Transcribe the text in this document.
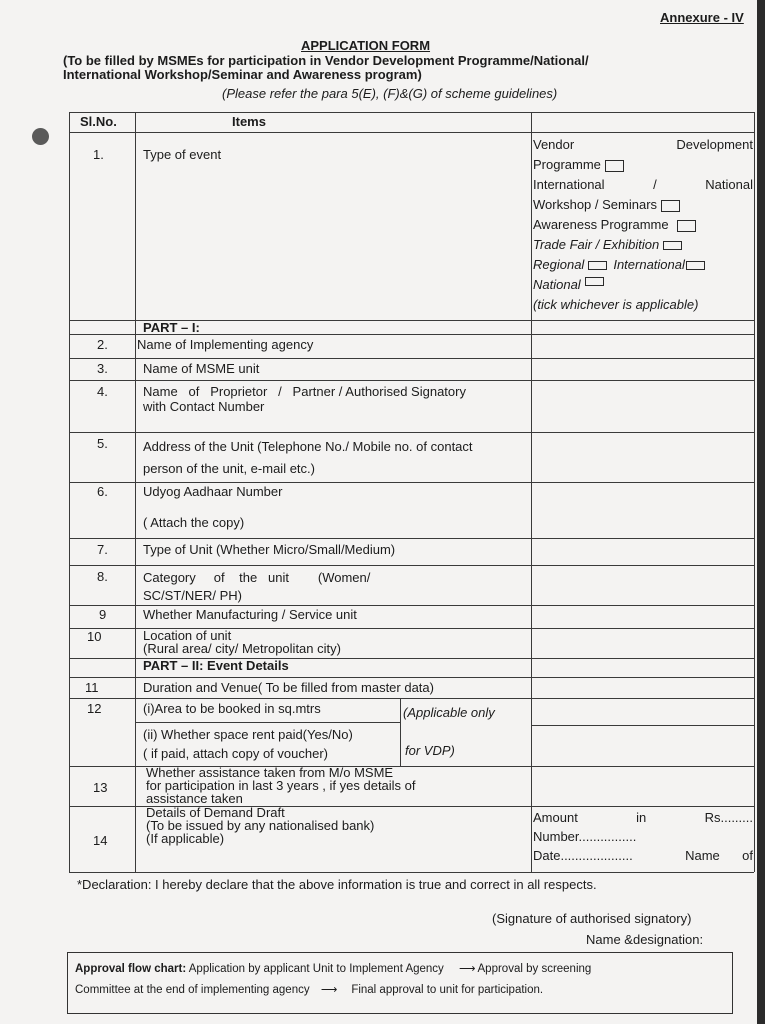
Annexure - IV
APPLICATION FORM
(To be filled by MSMEs for participation in Vendor Development Programme/National/
International Workshop/Seminar and Awareness program)
(Please refer the para 5(E), (F)&(G) of scheme guidelines)
Sl.No.	Items
1.	Type of event
Vendor	Development
Programme
International	/	National
Workshop / Seminars
Awareness Programme
Trade Fair / Exhibition
Regional International
National
(tick whichever is applicable)
PART – I:
2. Name of Implementing agency
3.	Name of MSME unit
4.	Name   of   Proprietor   /   Partner / Authorised Signatory
with Contact Number
5.	Address of the Unit (Telephone No./ Mobile no. of contact
person of the unit, e-mail etc.)
6.	Udyog Aadhaar Number
( Attach the copy)
7.	Type of Unit (Whether Micro/Small/Medium)
8.	Category     of    the   unit        (Women/
SC/ST/NER/ PH)
9	Whether Manufacturing / Service unit
10	Location of unit
(Rural area/ city/ Metropolitan city)
PART – II: Event Details
11	Duration and Venue( To be filled from master data)
12	(i)Area to be booked in sq.mtrs
(ii) Whether space rent paid(Yes/No)
( if paid, attach copy of voucher)
(Applicable only
for VDP)
13
Whether assistance taken from M/o MSME
for participation in last 3 years , if yes details of
assistance taken
14
Details of Demand Draft
(To be issued by any nationalised bank)
(If applicable)
Amount	in	Rs.........
Number................
Date....................	Name of
*Declaration: I hereby declare that the above information is true and correct in all respects.
(Signature of authorised signatory)
Name &designation:
Approval flow chart: Application by applicant Unit to Implement Agency ⟶ Approval by screening
Committee at the end of implementing agency ⟶ Final approval to unit for participation.
